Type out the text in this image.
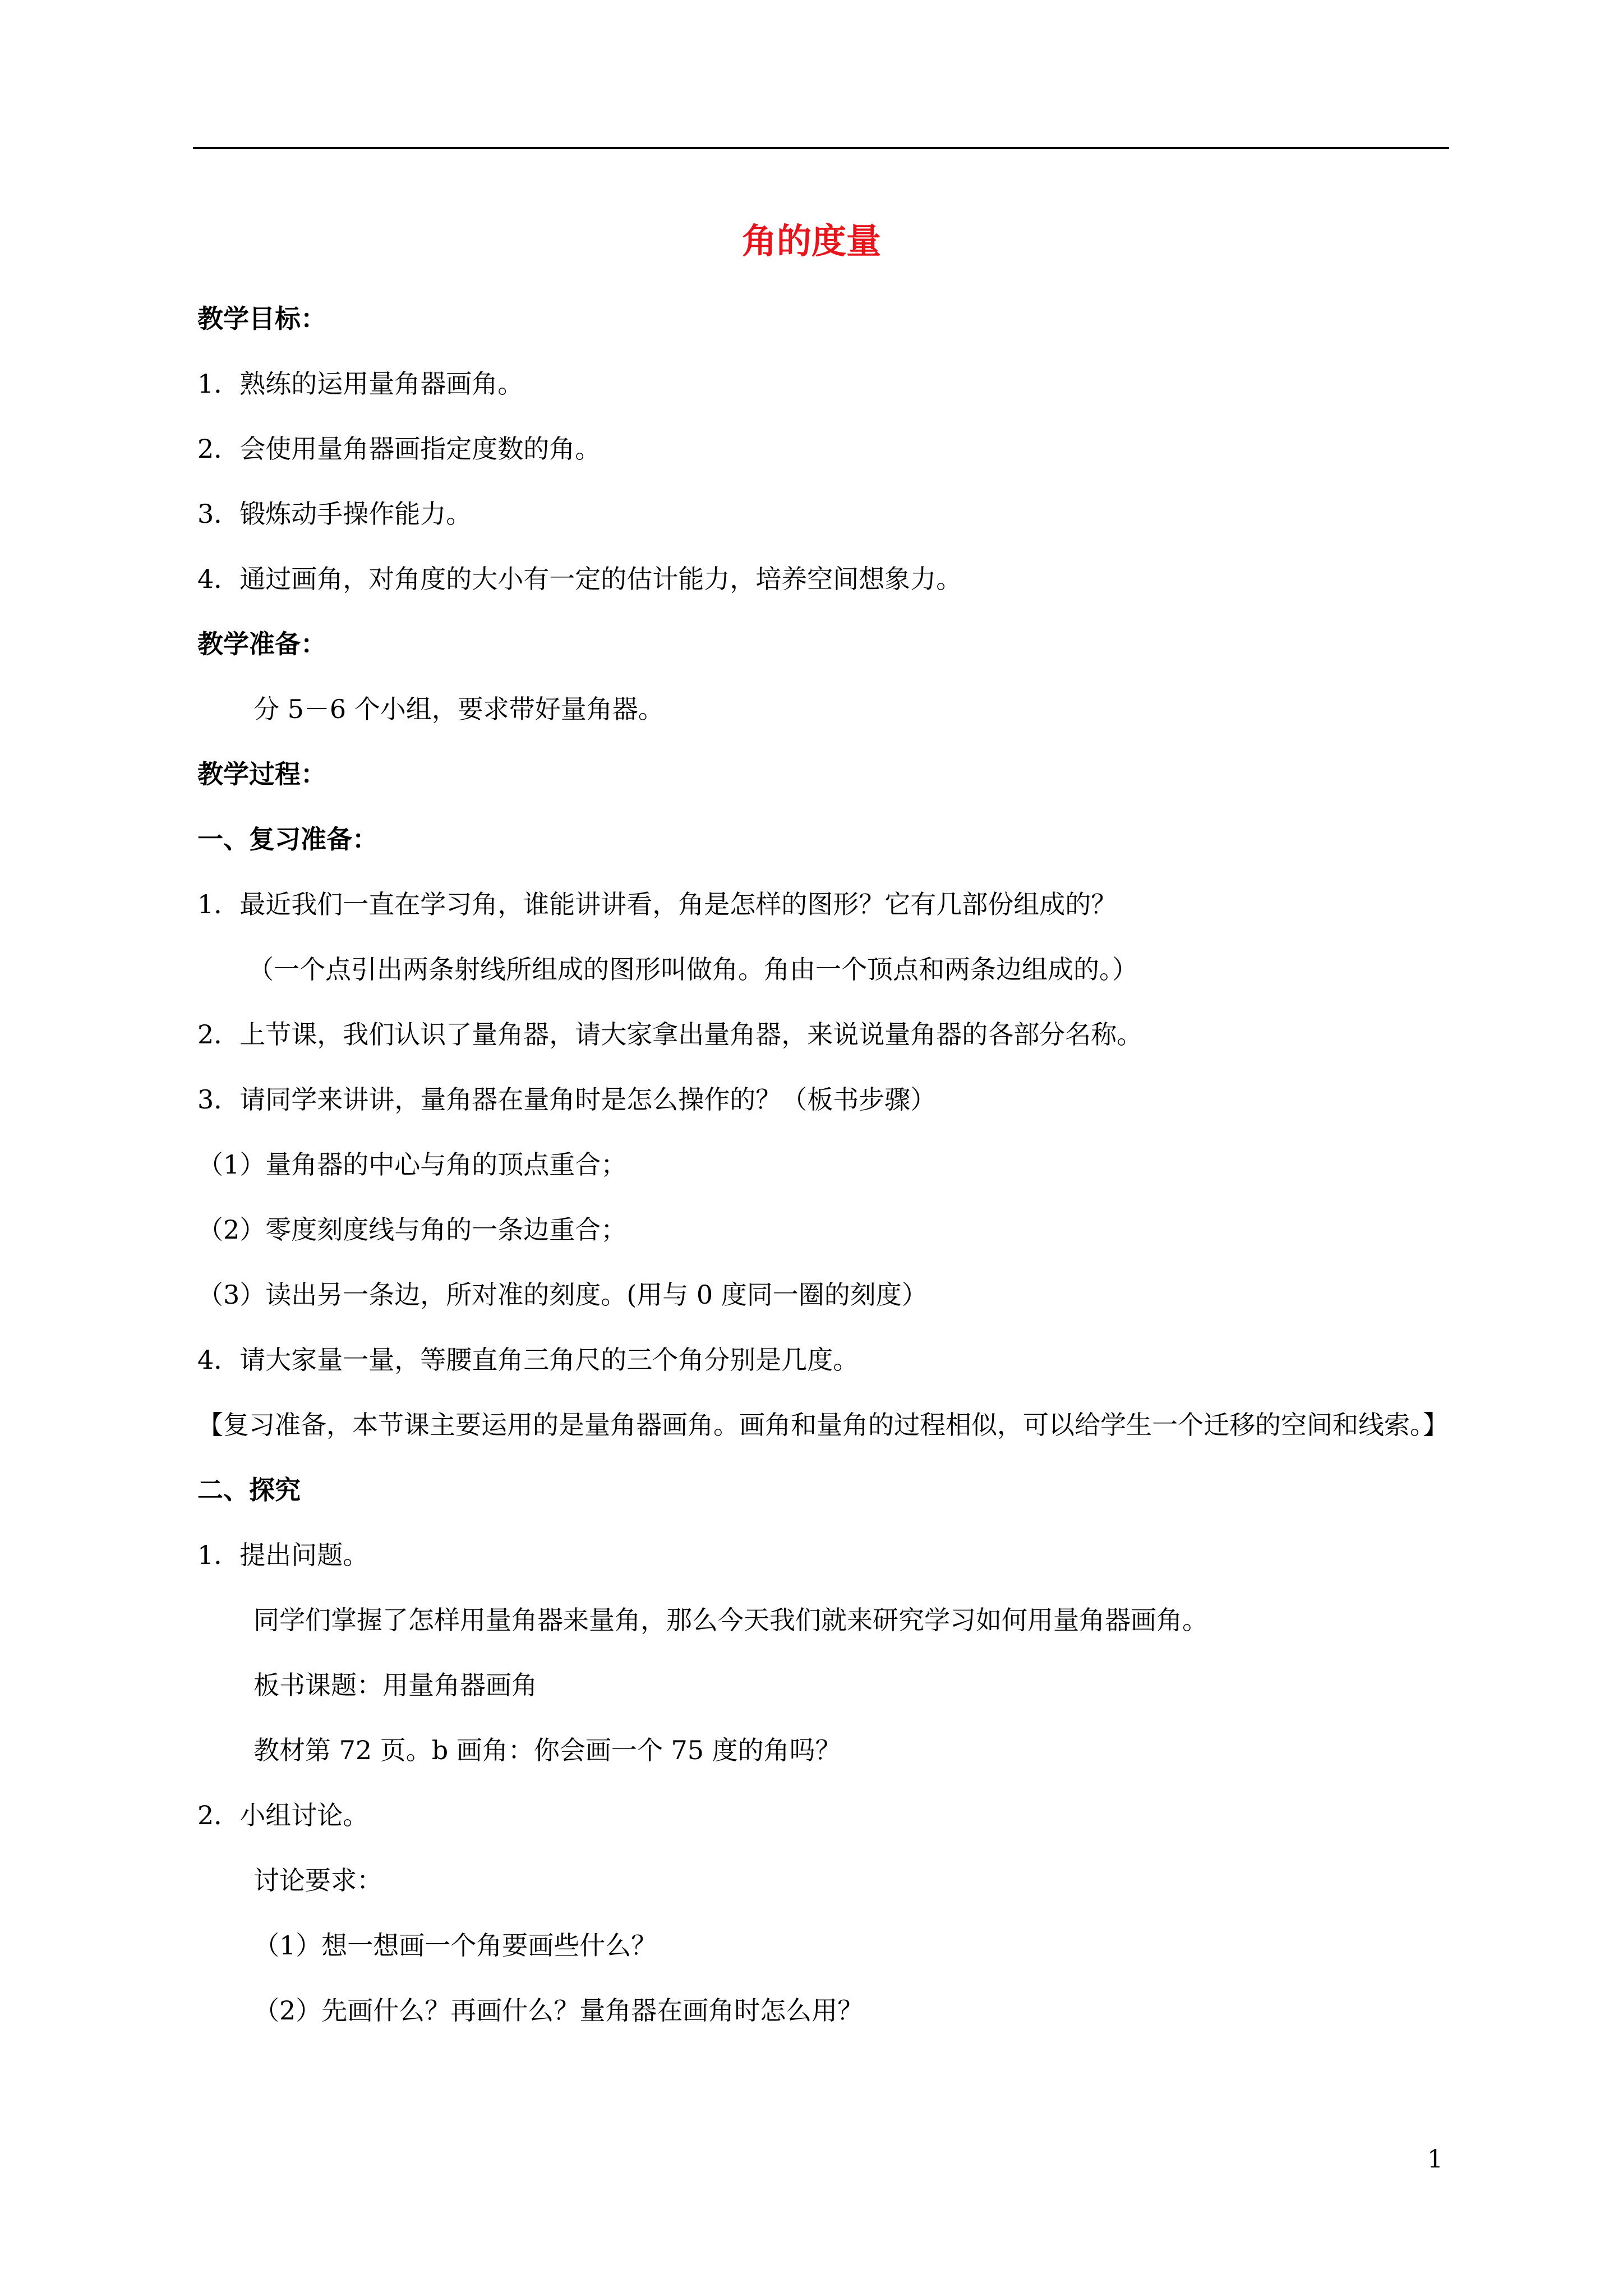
角的度量

教学目标：

1．熟练的运用量角器画角。

2．会使用量角器画指定度数的角。

3．锻炼动手操作能力。

4．通过画角，对角度的大小有一定的估计能力，培养空间想象力。

教学准备：

分 5－6 个小组，要求带好量角器。

教学过程：

一、复习准备：

1．最近我们一直在学习角，谁能讲讲看，角是怎样的图形？它有几部份组成的？

（一个点引出两条射线所组成的图形叫做角。角由一个顶点和两条边组成的。）

2．上节课，我们认识了量角器，请大家拿出量角器，来说说量角器的各部分名称。

3．请同学来讲讲，量角器在量角时是怎么操作的？（板书步骤）

（1）量角器的中心与角的顶点重合；

（2）零度刻度线与角的一条边重合；

（3）读出另一条边，所对准的刻度。(用与 0 度同一圈的刻度）

4．请大家量一量，等腰直角三角尺的三个角分别是几度。

【复习准备，本节课主要运用的是量角器画角。画角和量角的过程相似，可以给学生一个迁移的空间和线索。】

二、探究

1．提出问题。

同学们掌握了怎样用量角器来量角，那么今天我们就来研究学习如何用量角器画角。

板书课题：用量角器画角

教材第 72 页。b 画角：你会画一个 75 度的角吗？

2．小组讨论。

讨论要求：

（1）想一想画一个角要画些什么？

（2）先画什么？再画什么？量角器在画角时怎么用？

1
